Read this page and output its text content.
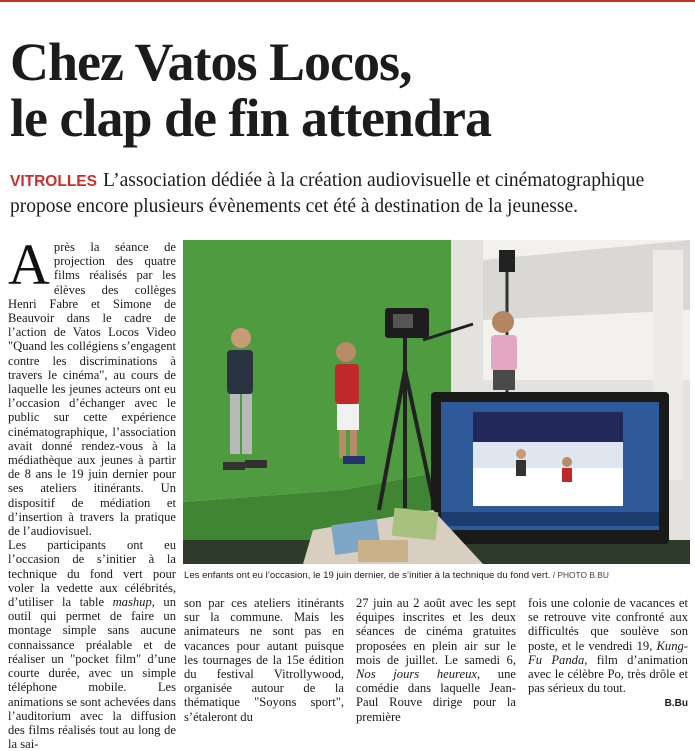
Chez Vatos Locos,
le clap de fin attendra
VITROLLES L’association dédiée à la création audiovisuelle et cinématographique propose encore plusieurs évènements cet été à destination de la jeunesse.

Après la séance de projection des quatre films réalisés par les élèves des collèges Henri Fabre et Simone de Beauvoir dans le cadre de l’action de Vatos Locos Video "Quand les collégiens s’engagent contre les discriminations à travers le cinéma", au cours de laquelle les jeunes acteurs ont eu l’occasion d’échanger avec le public sur cette expérience cinématographique, l’association avait donné rendez-vous à la médiathèque aux jeunes à partir de 8 ans le 19 juin dernier pour ses ateliers itinérants. Un dispositif de médiation et d’insertion à travers la pratique de l’audiovisuel.

Les participants ont eu l’occasion de s’initier à la technique du fond vert pour voler la vedette aux célébrités, d’utiliser la table mashup, un outil qui permet de faire un montage simple sans aucune connaissance préalable et de réaliser un "pocket film" d’une courte durée, avec un simple téléphone mobile. Les animations se sont achevées dans l’auditorium avec la diffusion des films réalisés tout au long de la sai-

Les enfants ont eu l’occasion, le 19 juin dernier, de s’initier à la technique du fond vert. / PHOTO B.BU

son par ces ateliers itinérants sur la commune. Mais les animateurs ne sont pas en vacances pour autant puisque les tournages de la 15e édition du festival Vitrollywood, organisée autour de la thématique "Soyons sport", s’étaleront du

27 juin au 2 août avec les sept équipes inscrites et les deux séances de cinéma gratuites proposées en plein air sur le mois de juillet. Le samedi 6, Nos jours heureux, une comédie dans laquelle Jean-Paul Rouve dirige pour la première

fois une colonie de vacances et se retrouve vite confronté aux difficultés que soulève son poste, et le vendredi 19, Kung-Fu Panda, film d’animation avec le célèbre Po, très drôle et pas sérieux du tout.

B.Bu
